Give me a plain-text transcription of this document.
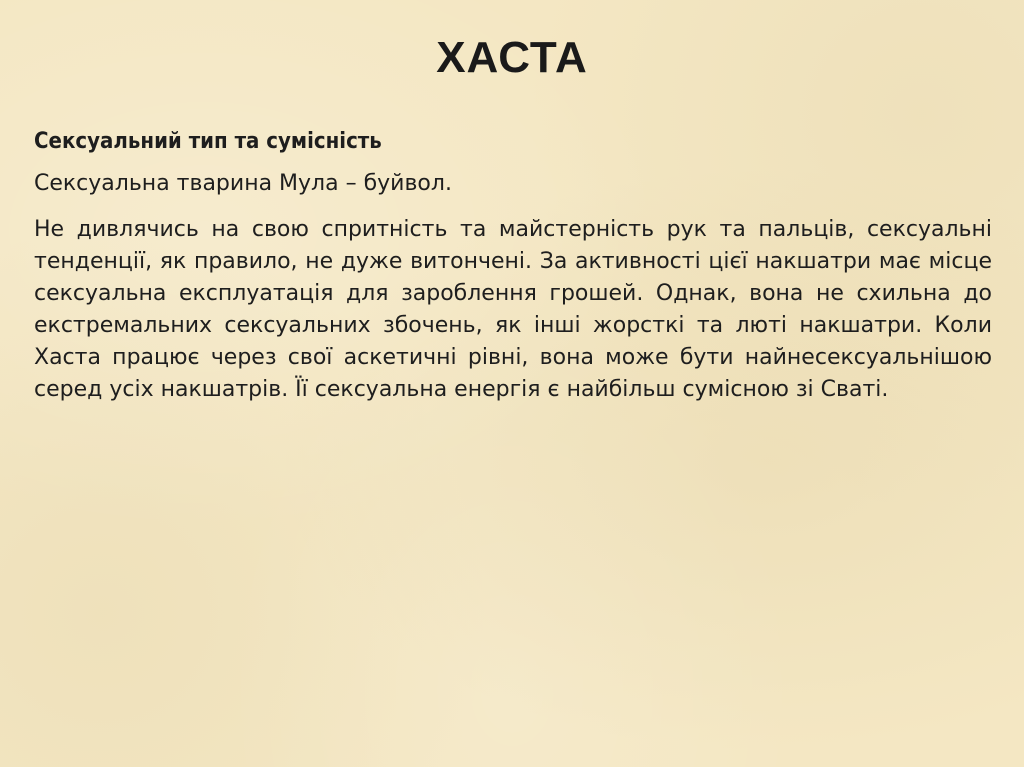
ХАСТА

Сексуальний тип та сумісність

Сексуальна тварина Мула – буйвол.

Не дивлячись на свою спритність та майстерність рук та пальців, сексуальні тенденції, як правило, не дуже витончені. За активності цієї накшатри має місце сексуальна експлуатація для зароблення грошей. Однак, вона не схильна до екстремальних сексуальних збочень, як інші жорсткі та люті накшатри. Коли Хаста працює через свої аскетичні рівні, вона може бути найнесексуальнішою серед усіх накшатрів. Її сексуальна енергія є найбільш сумісною зі Сваті.
